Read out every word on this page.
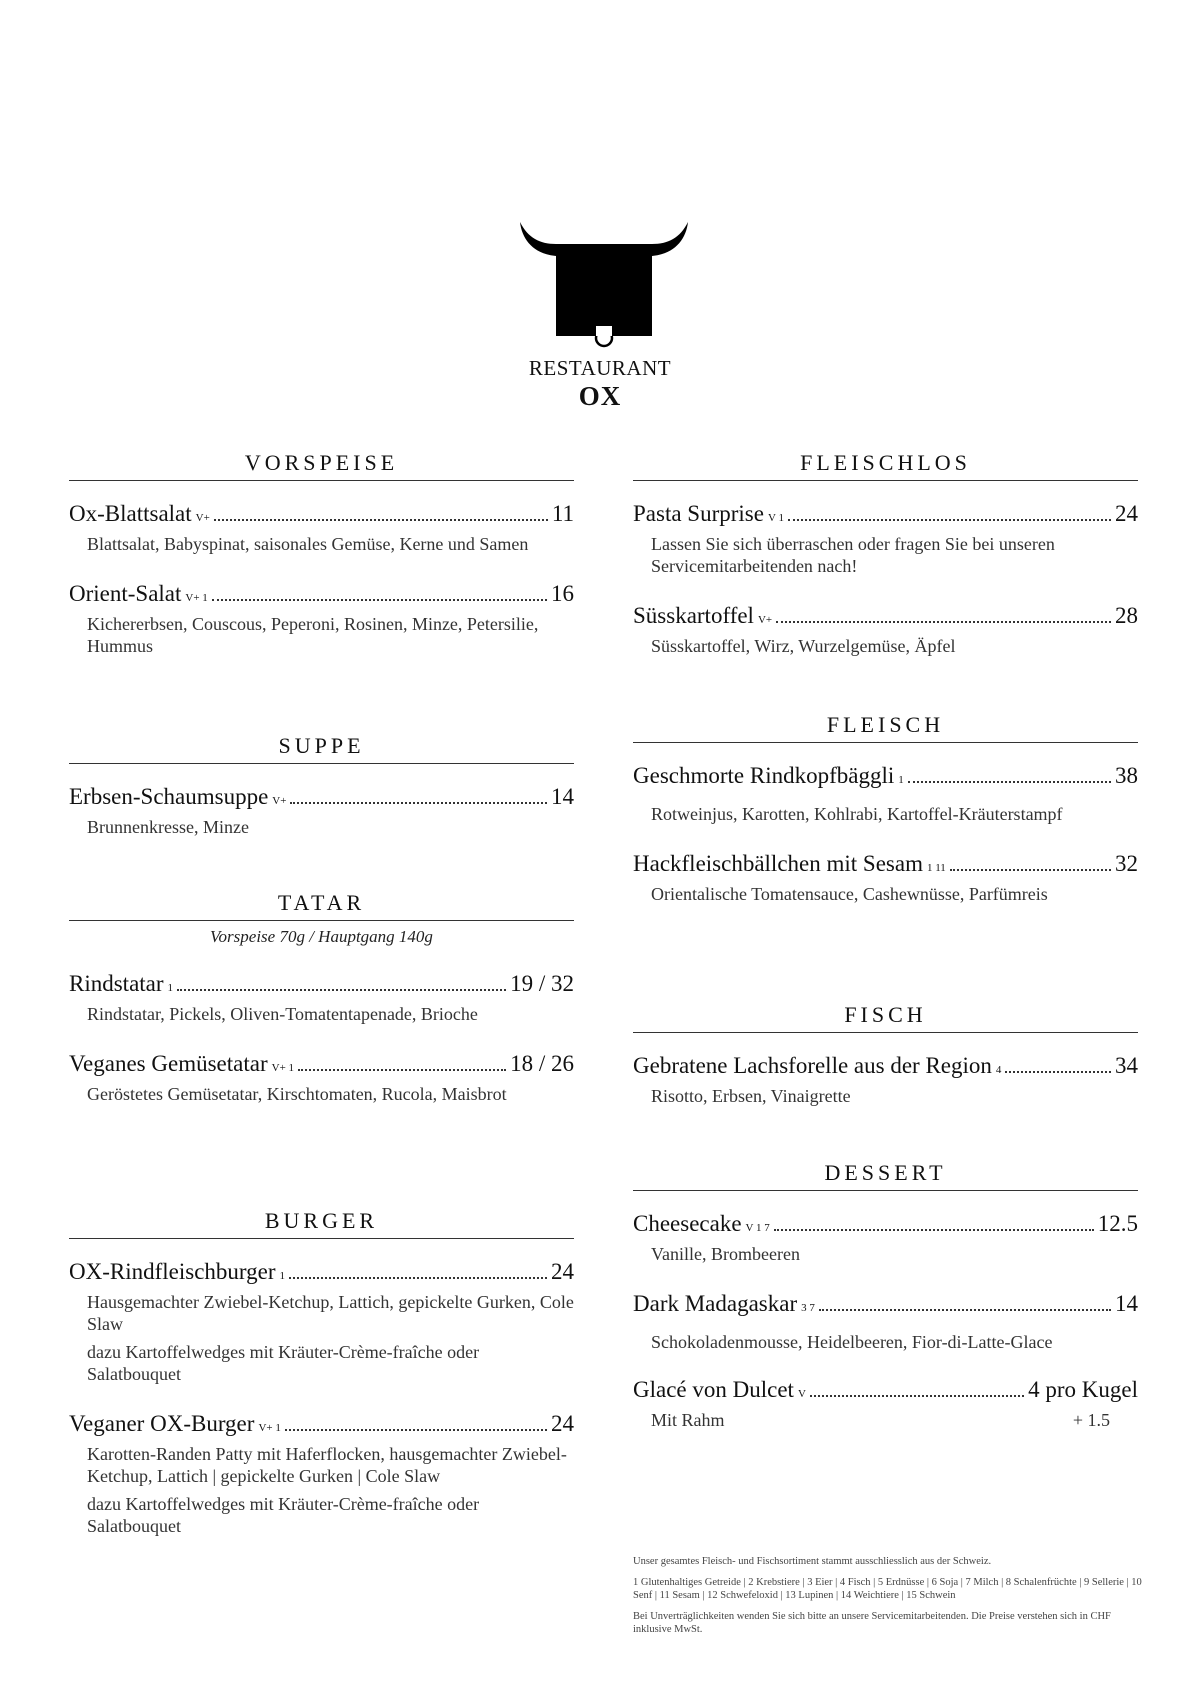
RESTAURANT
OX
VORSPEISE
Ox-Blattsalat V+	11
Blattsalat, Babyspinat, saisonales Gemüse, Kerne und Samen
Orient-Salat V+ 1	16
Kichererbsen, Couscous, Peperoni, Rosinen, Minze, Petersilie, Hummus
SUPPE
Erbsen-Schaumsuppe V+	14
Brunnenkresse, Minze
TATAR
Vorspeise 70g / Hauptgang 140g
Rindstatar 1	19 / 32
Rindstatar, Pickels, Oliven-Tomatentapenade, Brioche
Veganes Gemüsetatar V+ 1	18 / 26
Geröstetes Gemüsetatar, Kirschtomaten, Rucola, Maisbrot
BURGER
OX-Rindfleischburger 1	24
Hausgemachter Zwiebel-Ketchup, Lattich, gepickelte Gurken, Cole Slaw
dazu Kartoffelwedges mit Kräuter-Crème-fraîche oder Salatbouquet
Veganer OX-Burger V+ 1	24
Karotten-Randen Patty mit Haferflocken, hausgemachter Zwiebel-Ketchup, Lattich | gepickelte Gurken | Cole Slaw
dazu Kartoffelwedges mit Kräuter-Crème-fraîche oder Salatbouquet
FLEISCHLOS
Pasta Surprise V 1	24
Lassen Sie sich überraschen oder fragen Sie bei unseren Servicemitarbeitenden nach!
Süsskartoffel V+	28
Süsskartoffel, Wirz, Wurzelgemüse, Äpfel
FLEISCH
Geschmorte Rindkopfbäggli 1	38
Rotweinjus, Karotten, Kohlrabi, Kartoffel-Kräuterstampf
Hackfleischbällchen mit Sesam 1 11	32
Orientalische Tomatensauce, Cashewnüsse, Parfümreis
FISCH
Gebratene Lachsforelle aus der Region 4	34
Risotto, Erbsen, Vinaigrette
DESSERT
Cheesecake V 1 7	12.5
Vanille, Brombeeren
Dark Madagaskar 3 7	14
Schokoladenmousse, Heidelbeeren, Fior-di-Latte-Glace
Glacé von Dulcet V	4 pro Kugel
Mit Rahm	+ 1.5

Unser gesamtes Fleisch- und Fischsortiment stammt ausschliesslich aus der Schweiz.

1 Glutenhaltiges Getreide | 2 Krebstiere | 3 Eier | 4 Fisch | 5 Erdnüsse | 6 Soja | 7 Milch | 8 Schalenfrüchte | 9 Sellerie | 10 Senf | 11 Sesam | 12 Schwefeloxid | 13 Lupinen | 14 Weichtiere | 15 Schwein

Bei Unverträglichkeiten wenden Sie sich bitte an unsere Servicemitarbeitenden. Die Preise verstehen sich in CHF inklusive MwSt.
